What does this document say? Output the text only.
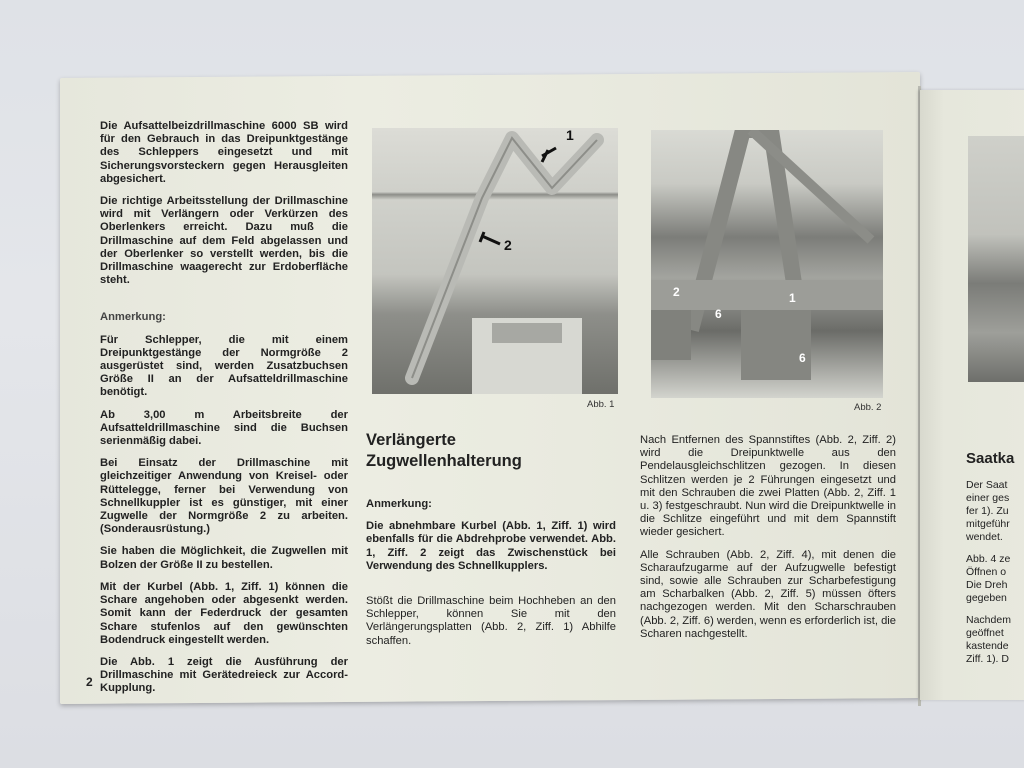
Die Aufsattelbeizdrillmaschine 6000 SB wird für den Gebrauch in das Dreipunktgestänge des Schleppers eingesetzt und mit Sicherungsvorsteckern gegen Herausgleiten abgesichert.

Die richtige Arbeitsstellung der Drillmaschine wird mit Verlängern oder Verkürzen des Oberlenkers erreicht. Dazu muß die Drillmaschine auf dem Feld abgelassen und der Oberlenker so verstellt werden, bis die Drillmaschine waagerecht zur Erdoberfläche steht.

Anmerkung:

Für Schlepper, die mit einem Dreipunktgestänge der Normgröße 2 ausgerüstet sind, werden Zusatzbuchsen Größe II an der Aufsatteldrillmaschine benötigt.

Ab 3,00 m Arbeitsbreite der Aufsatteldrillmaschine sind die Buchsen serienmäßig dabei.

Bei Einsatz der Drillmaschine mit gleichzeitiger Anwendung von Kreisel- oder Rüttelegge, ferner bei Verwendung von Schnellkuppler ist es günstiger, mit einer Zugwelle der Normgröße 2 zu arbeiten. (Sonderausrüstung.)

Sie haben die Möglichkeit, die Zugwellen mit Bolzen der Größe II zu bestellen.

Mit der Kurbel (Abb. 1, Ziff. 1) können die Schare angehoben oder abgesenkt werden. Somit kann der Federdruck der gesamten Schare stufenlos auf den gewünschten Bodendruck eingestellt werden.

Die Abb. 1 zeigt die Ausführung der Drillmaschine mit Gerätedreieck zur Accord-Kupplung.

2
1
2
Abb. 1
2	1
6
6
Abb. 2
Verlängerte
Zugwellenhalterung

Anmerkung:

Die abnehmbare Kurbel (Abb. 1, Ziff. 1) wird ebenfalls für die Abdrehprobe verwendet. Abb. 1, Ziff. 2 zeigt das Zwischenstück bei Verwendung des Schnellkupplers.

Stößt die Drillmaschine beim Hochheben an den Schlepper, können Sie mit den Verlängerungsplatten (Abb. 2, Ziff. 1) Abhilfe schaffen.

Nach Entfernen des Spannstiftes (Abb. 2, Ziff. 2) wird die Dreipunktwelle aus den Pendelausgleichschlitzen gezogen. In diesen Schlitzen werden je 2 Führungen eingesetzt und mit den Schrauben die zwei Platten (Abb. 2, Ziff. 1 u. 3) festgeschraubt. Nun wird die Dreipunktwelle in die Schlitze eingeführt und mit dem Spannstift wieder gesichert.

Alle Schrauben (Abb. 2, Ziff. 4), mit denen die Scharaufzugarme auf der Aufzugwelle befestigt sind, sowie alle Schrauben zur Scharbefestigung am Scharbalken (Abb. 2, Ziff. 5) müssen öfters nachgezogen werden. Mit den Scharschrauben (Abb. 2, Ziff. 6) werden, wenn es erforderlich ist, die Scharen nachgestellt.

Saatka

Der Saat
einer ges
fer 1). Zu
mitgeführ
wendet.

Abb. 4 ze
Öffnen o
Die Dreh
gegeben

Nachdem
geöffnet
kastende
Ziff. 1). D
